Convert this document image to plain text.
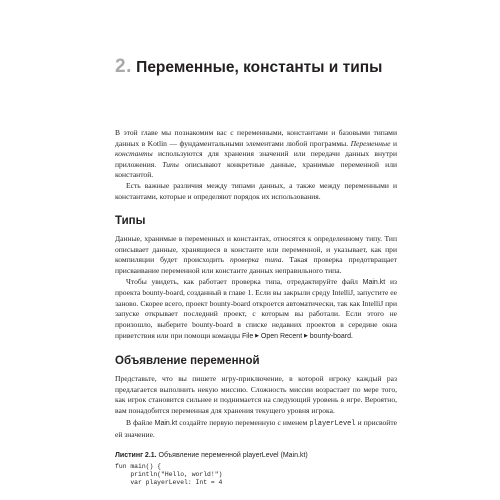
2. Переменные, константы и типы

В этой главе мы познакомим вас с переменными, константами и базовыми типами данных в Kotlin — фундаментальными элементами любой программы. Переменные и константы используются для хранения значений или передачи данных внутри приложения. Типы описывают конкретные данные, хранимые переменной или константой.

Есть важные различия между типами данных, а также между переменными и константами, которые и определяют порядок их использования.

Типы

Данные, хранимые в переменных и константах, относятся к определенному типу. Тип описывает данные, хранящиеся в константе или переменной, и указывает, как при компиляции будет происходить проверка типа. Такая проверка предотвращает присваивание переменной или константе данных неправильного типа.

Чтобы увидеть, как работает проверка типа, отредактируйте файл Main.kt из проекта bounty-board, созданный в главе 1. Если вы закрыли среду IntelliJ, запустите ее заново. Скорее всего, проект bounty-board откроется автоматически, так как IntelliJ при запуске открывает последний проект, с которым вы работали. Если этого не произошло, выберите bounty-board в списке недавних проектов в середине окна приветствия или при помощи команды File ▶ Open Recent ▶ bounty-board.

Объявление переменной

Представьте, что вы пишете игру-приключение, в которой игроку каждый раз предлагается выполнить некую миссию. Сложность миссии возрастает по мере того, как игрок становится сильнее и поднимается на следующий уровень в игре. Вероятно, вам понадобится переменная для хранения текущего уровня игрока.

В файле Main.kt создайте первую переменную с именем playerLevel и присвойте ей значение.

Листинг 2.1. Объявление переменной playerLevel (Main.kt)

fun main() {
println("Hello, world!")
var playerLevel: Int = 4
